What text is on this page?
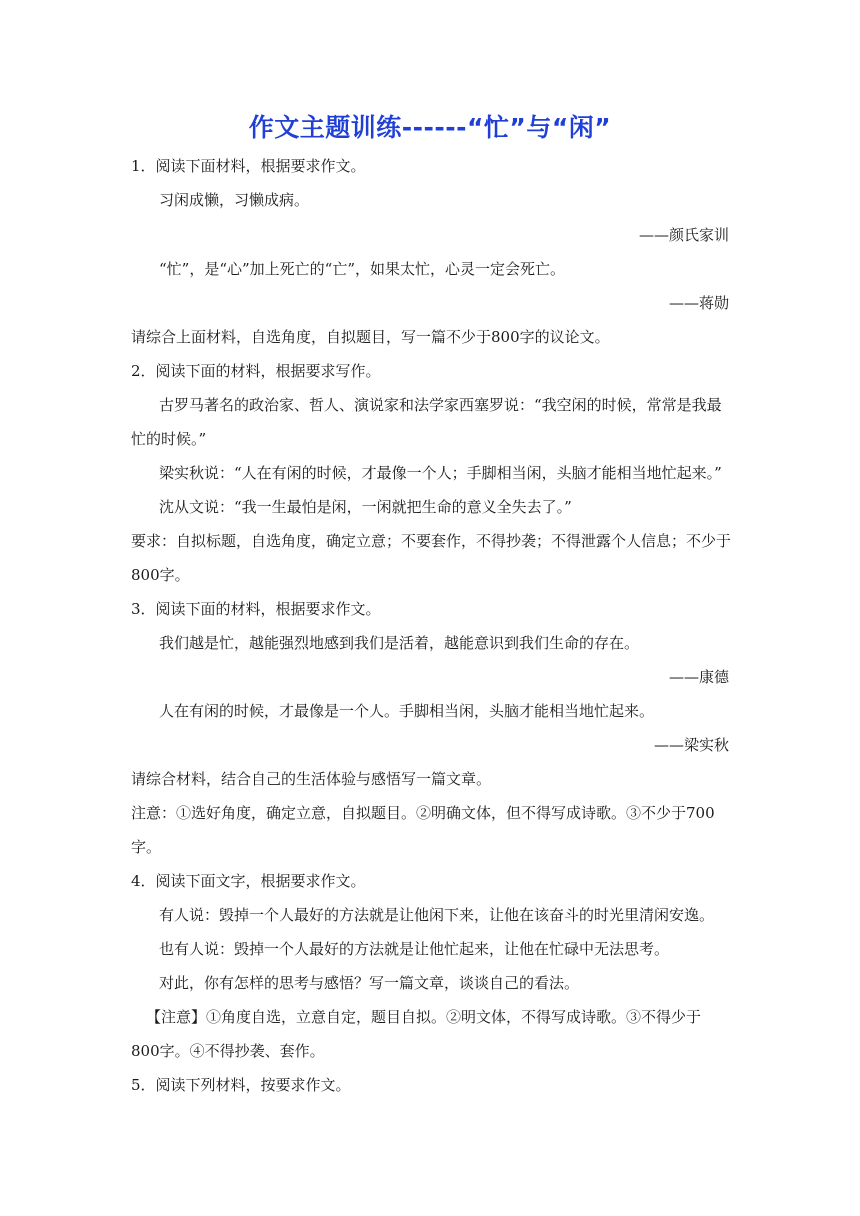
作文主题训练------“忙”与“闲”
1．阅读下面材料，根据要求作文。
习闲成懒，习懒成病。
——颜氏家训
“忙”，是“心”加上死亡的“亡”，如果太忙，心灵一定会死亡。
——蒋勋
请综合上面材料，自选角度，自拟题目，写一篇不少于800字的议论文。
2．阅读下面的材料，根据要求写作。
古罗马著名的政治家、哲人、演说家和法学家西塞罗说：“我空闲的时候，常常是我最
忙的时候。”
梁实秋说：“人在有闲的时候，才最像一个人；手脚相当闲，头脑才能相当地忙起来。”
沈从文说：“我一生最怕是闲，一闲就把生命的意义全失去了。”
要求：自拟标题，自选角度，确定立意；不要套作，不得抄袭；不得泄露个人信息；不少于
800字。
3．阅读下面的材料，根据要求作文。
我们越是忙，越能强烈地感到我们是活着，越能意识到我们生命的存在。
——康德
人在有闲的时候，才最像是一个人。手脚相当闲，头脑才能相当地忙起来。
——梁实秋
请综合材料，结合自己的生活体验与感悟写一篇文章。
注意：①选好角度，确定立意，自拟题目。②明确文体，但不得写成诗歌。③不少于700
字。
4．阅读下面文字，根据要求作文。
有人说：毁掉一个人最好的方法就是让他闲下来，让他在该奋斗的时光里清闲安逸。
也有人说：毁掉一个人最好的方法就是让他忙起来，让他在忙碌中无法思考。
对此，你有怎样的思考与感悟？写一篇文章，谈谈自己的看法。
【注意】①角度自选，立意自定，题目自拟。②明文体，不得写成诗歌。③不得少于
800字。④不得抄袭、套作。
5．阅读下列材料，按要求作文。
